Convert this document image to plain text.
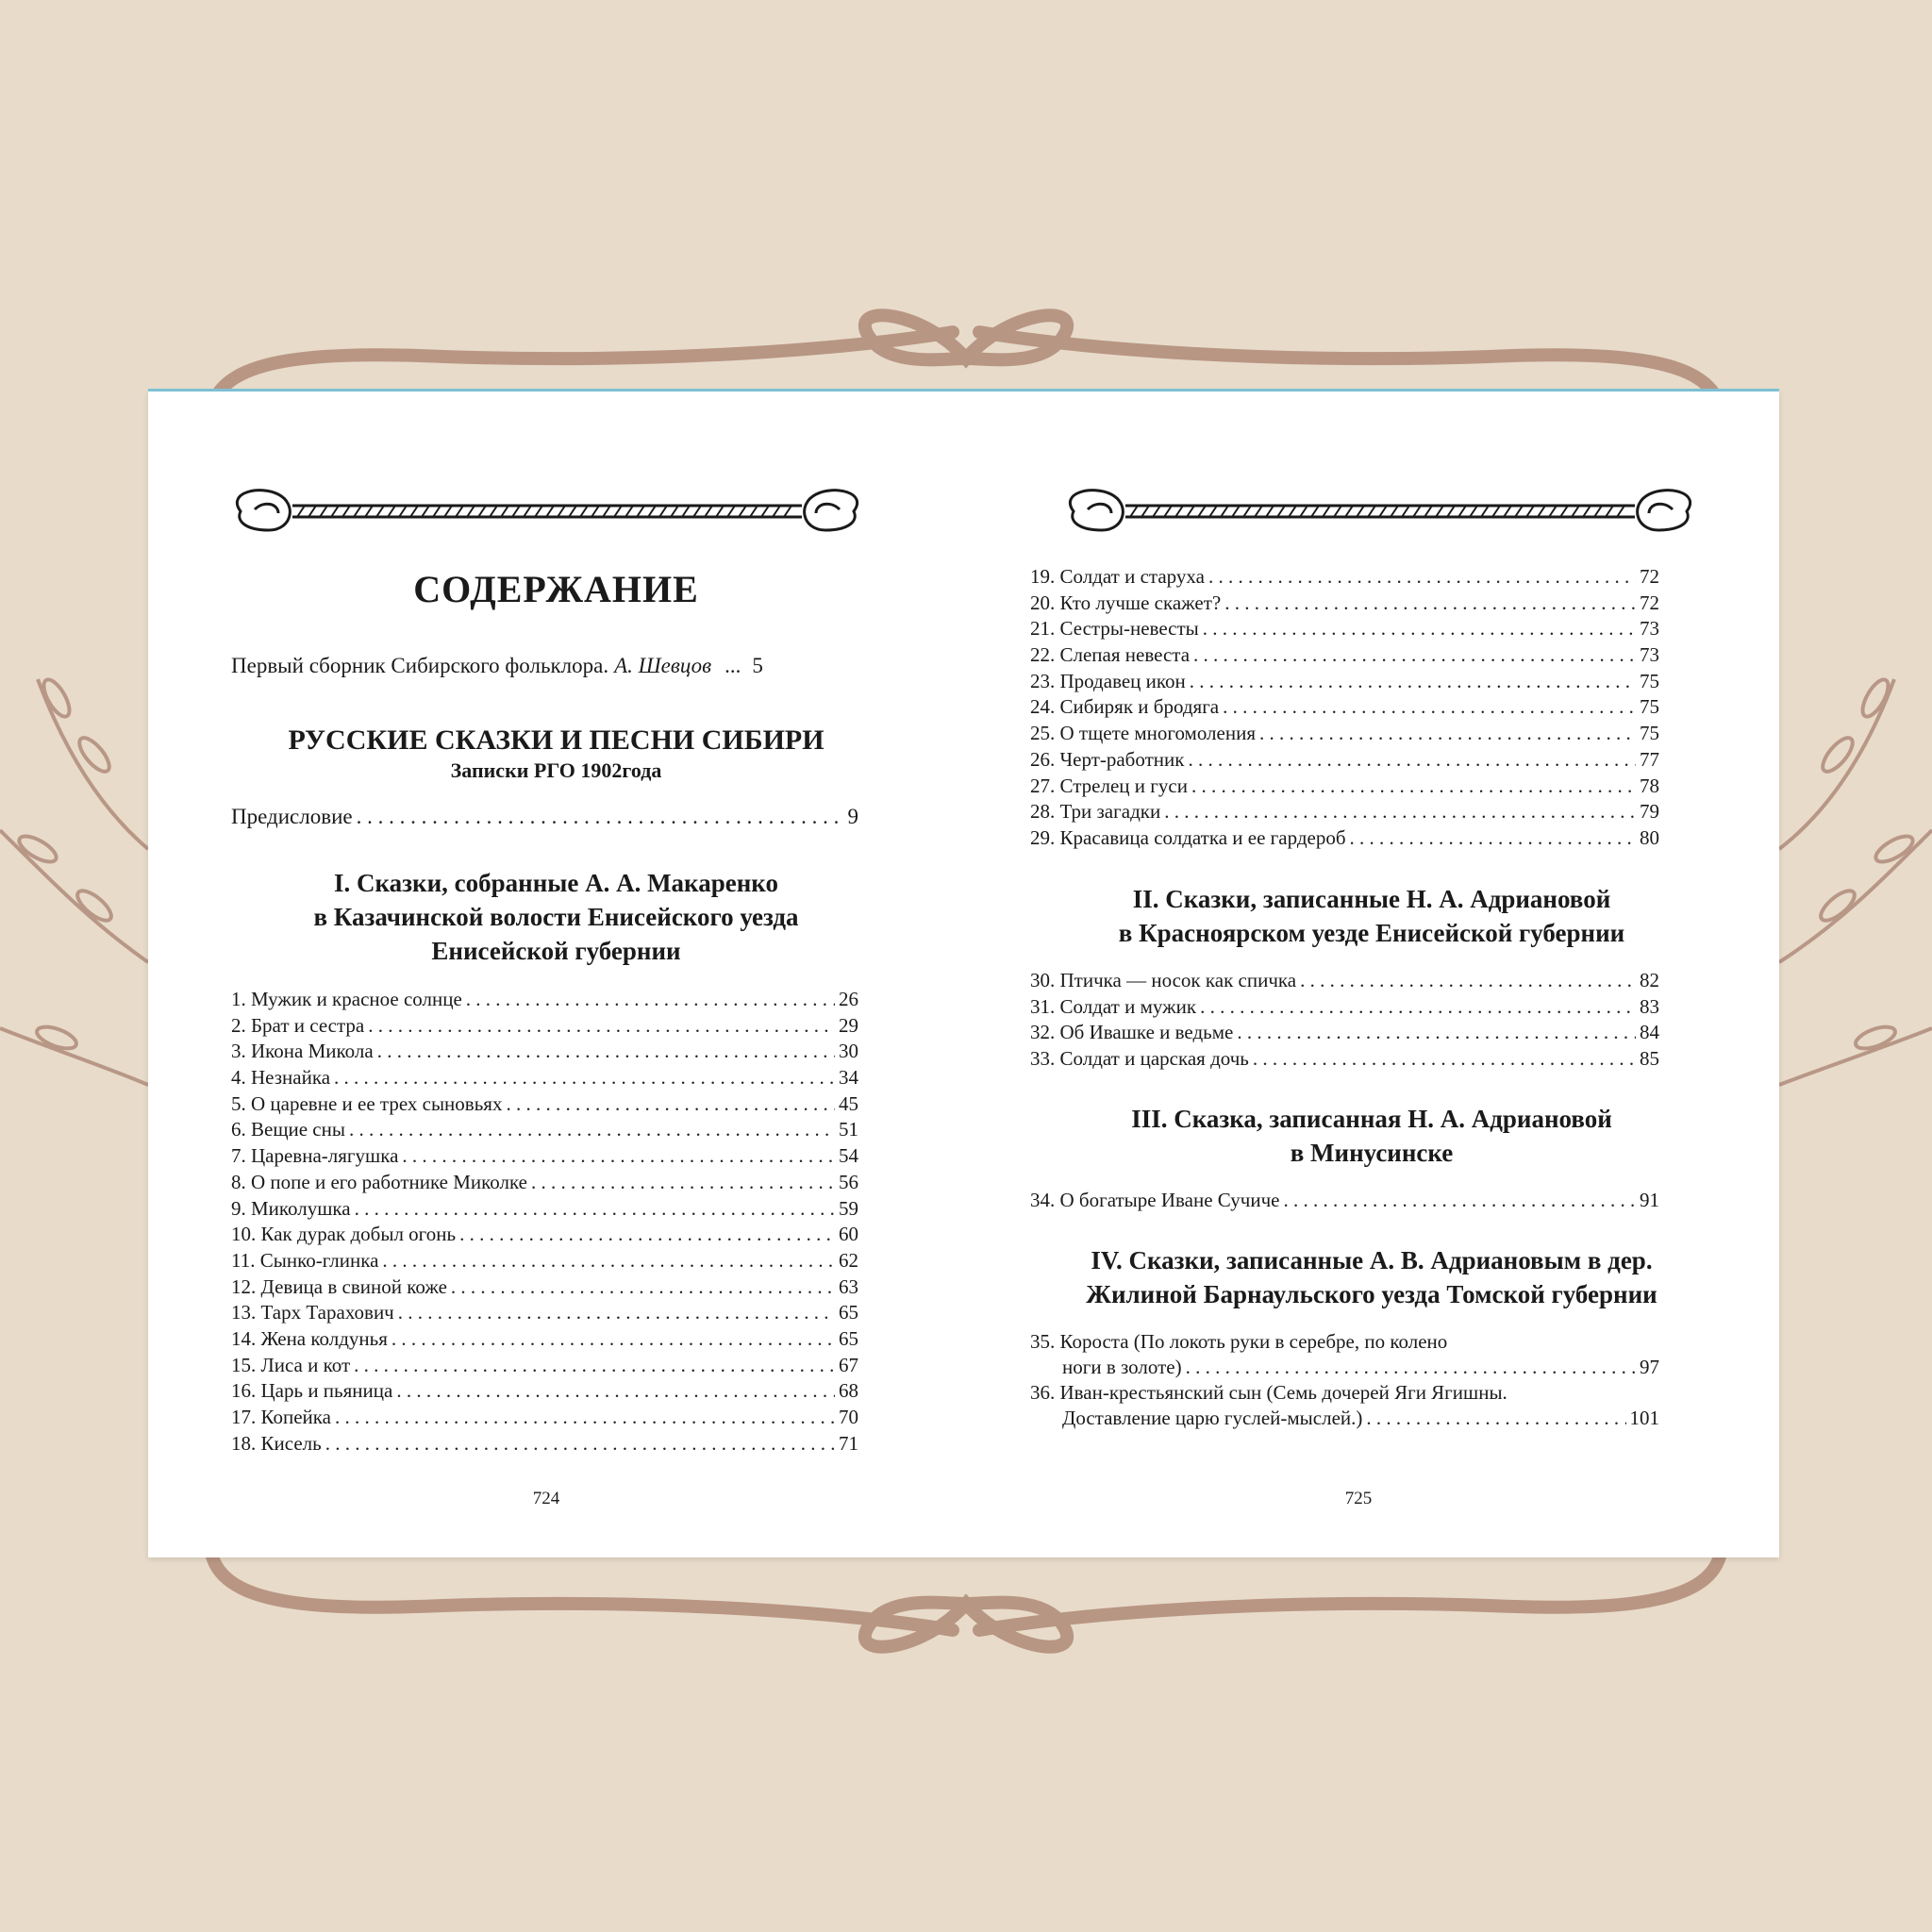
СОДЕРЖАНИЕ
Первый сборник Сибирского фольклора. А. Шевцов ... 5
РУССКИЕ СКАЗКИ И ПЕСНИ СИБИРИ
Записки РГО 1902года
Предисловие . . .	9
I. Сказки, собранные А. А. Макаренко
в Казачинской волости Енисейского уезда
Енисейской губернии
1. Мужик и красное солнце . . .	26
2. Брат и сестра . . .	29
3. Икона Микола . . .	30
4. Незнайка . . .	34
5. О царевне и ее трех сыновьях . . .	45
6. Вещие сны . . .	51
7. Царевна-лягушка . . .	54
8. О попе и его работнике Миколке . . .	56
9. Миколушка . . .	59
10. Как дурак добыл огонь . . .	60
11. Сынко-глинка . . .	62
12. Девица в свиной коже . . .	63
13. Тарх Тарахович . . .	65
14. Жена колдунья . . .	65
15. Лиса и кот . . .	67
16. Царь и пьяница . . .	68
17. Копейка . . .	70
18. Кисель . . .	71
724
19. Солдат и старуха . . .	72
20. Кто лучше скажет? . . .	72
21. Сестры-невесты . . .	73
22. Слепая невеста . . .	73
23. Продавец икон . . .	75
24. Сибиряк и бродяга . . .	75
25. О тщете многомоления . . .	75
26. Черт-работник . . .	77
27. Стрелец и гуси . . .	78
28. Три загадки . . .	79
29. Красавица солдатка и ее гардероб . . .	80
II. Сказки, записанные Н. А. Адриановой
в Красноярском уезде Енисейской губернии
30. Птичка — носок как спичка . . .	82
31. Солдат и мужик . . .	83
32. Об Ивашке и ведьме . . .	84
33. Солдат и царская дочь . . .	85
III. Сказка, записанная Н. А. Адриановой
в Минусинске
34. О богатыре Иване Сучиче . . .	91
IV. Сказки, записанные А. В. Адриановым в дер.
Жилиной Барнаульского уезда Томской губернии
35. Короста (По локоть руки в серебре, по колено
ноги в золоте) . . .	97
36. Иван-крестьянский сын (Семь дочерей Яги Ягишны.
Доставление царю гуслей-мыслей.) . . .	101
725
